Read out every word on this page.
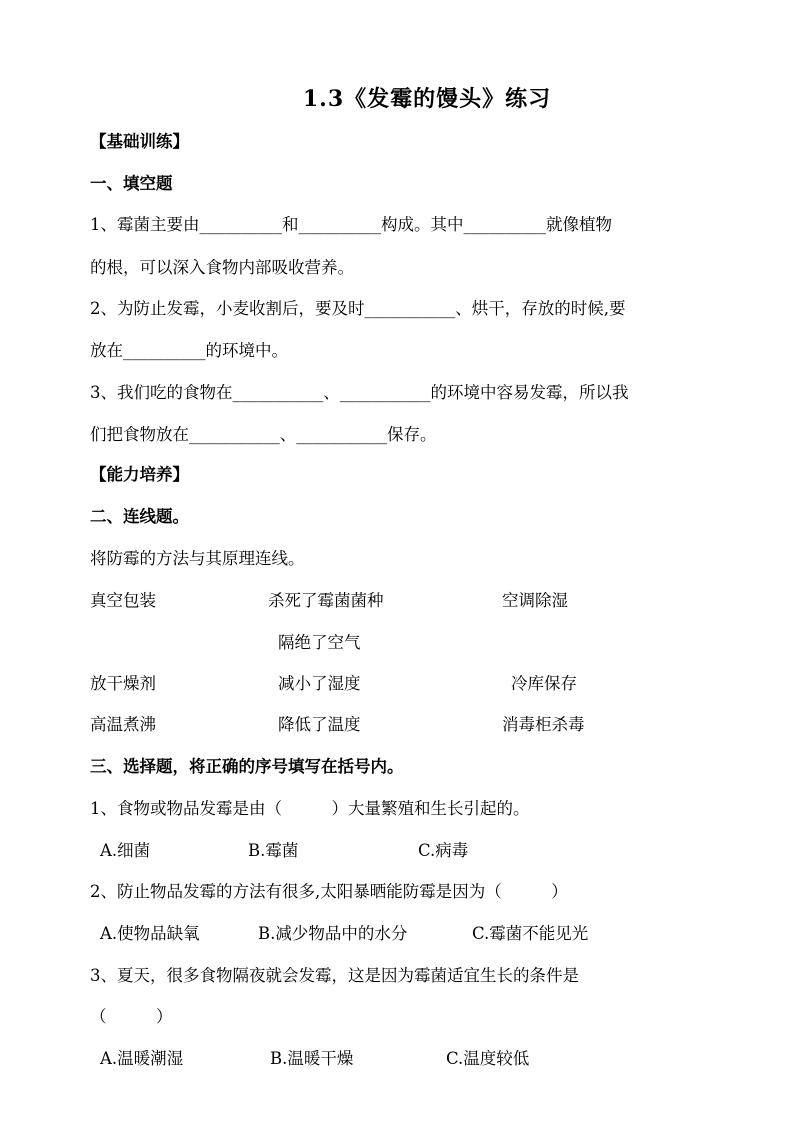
1.3《发霉的馒头》练习
【基础训练】
一、填空题
1、霉菌主要由__________和__________构成。其中__________就像植物
的根，可以深入食物内部吸收营养。
2、为防止发霉，小麦收割后，要及时___________、烘干，存放的时候,要
放在__________的环境中。
3、我们吃的食物在___________、___________的环境中容易发霉，所以我
们把食物放在___________、___________保存。
【能力培养】
二、连线题。
将防霉的方法与其原理连线。
真空包装	杀死了霉菌菌种	空调除湿
隔绝了空气
放干燥剂	减小了湿度	冷库保存
高温煮沸	降低了温度	消毒柜杀毒
三、选择题，将正确的序号填写在括号内。
1、食物或物品发霉是由（　　　）大量繁殖和生长引起的。
A.细菌	B.霉菌	C.病毒
2、防止物品发霉的方法有很多,太阳暴晒能防霉是因为（　　　）
A.使物品缺氧	B.减少物品中的水分	C.霉菌不能见光
3、夏天，很多食物隔夜就会发霉，这是因为霉菌适宜生长的条件是
（　　　）
A.温暖潮湿	B.温暖干燥	C.温度较低
